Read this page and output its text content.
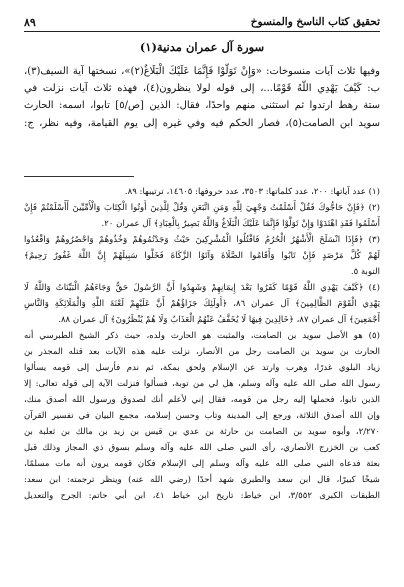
تحقيق كتاب الناسخ والمنسوخ
٨٩
سورة آل عمران مدنية(١)
وفيها ثلاث آيات منسوخات: «وَإِنْ تَوَلَّوْا فَإِنَّمَا عَلَيْكَ الْبَلَاغُ(٢)»، نسختها آية السيف(٣)،
ب: كَيْفَ يَهْدِي اللَّهُ قَوْمًا...، إلى قوله لولا ينظرون(٤)، فهذه ثلاث آيات نزلت في
ستة رهط ارتدوا ثم استثنى منهم واحدًا، فقال: الذين [ص/٥] تابوا، اسمه: الحارث
سويد ابن الصامت(٥)، فصار الحكم فيه وفي غيره إلى يوم القيامة، وفيه نظر، ج:
(١) عدد آياتها: ٢٠٠، عدد كلماتها: ٣٥٠٣، عدد حروفها: ١٤٦٠٥، ترتيبها: ٨٩.
(٢) ﴿فَإِنْ حَاجُّوكَ فَقُلْ أَسْلَمْتُ وَجْهِيَ لِلَّهِ وَمَنِ اتَّبَعَنِ وَقُلْ لِلَّذِينَ أُوتُوا الْكِتَابَ وَالْأُمِّيِّينَ أَأَسْلَمْتُمْ فَإِنْ
أَسْلَمُوا فَقَدِ اهْتَدَوْا وَإِنْ تَوَلَّوْا فَإِنَّمَا عَلَيْكَ الْبَلَاغُ وَاللَّهُ بَصِيرٌ بِالْعِبَادِ﴾ آل عمران ٢٠.
(٣) ﴿فَإِذَا انْسَلَخَ الْأَشْهُرُ الْحُرُمُ فَاقْتُلُوا الْمُشْرِكِينَ حَيْثُ وَجَدْتُمُوهُمْ وَخُذُوهُمْ وَاحْصُرُوهُمْ وَاقْعُدُوا
لَهُمْ كُلَّ مَرْصَدٍ فَإِنْ تَابُوا وَأَقَامُوا الصَّلَاةَ وَآتَوُا الزَّكَاةَ فَخَلُّوا سَبِيلَهُمْ إِنَّ اللَّهَ غَفُورٌ رَحِيمٌ﴾
التوبة ٥.
(٤) ﴿كَيْفَ يَهْدِي اللَّهُ قَوْمًا كَفَرُوا بَعْدَ إِيمَانِهِمْ وَشَهِدُوا أَنَّ الرَّسُولَ حَقٌّ وَجَاءَهُمُ الْبَيِّنَاتُ وَاللَّهُ لَا
يَهْدِي الْقَوْمَ الظَّالِمِينَ﴾ آل عمران ٨٦، ﴿أُولَئِكَ جَزَاؤُهُمْ أَنَّ عَلَيْهِمْ لَعْنَةَ اللَّهِ وَالْمَلَائِكَةِ وَالنَّاسِ
أَجْمَعِينَ﴾ آل عمران ٨٧، ﴿خَالِدِينَ فِيهَا لَا يُخَفَّفُ عَنْهُمُ الْعَذَابُ وَلَا هُمْ يُنْظَرُونَ﴾ آل عمران ٨٨.
(٥) هو الأصل سويد بن الصامت، والمثبت هو الحارث ولده، حيث ذكر الشيخ الطبرسي أنه
الحارث بن سويد بن الصامت رجل من الأنصار، نزلت عليه هذه الآيات بعد قتله المجذر بن
زياد البلوي غدرًا، وهرب وارتد عن الإسلام ولحق بمكة، ثم ندم فأرسل إلى قومه يسألوا
رسول الله صلى الله عليه وآله وسلم، هل لي من توبة، فسألوا فنزلت الآية إلى قوله تعالى: إلا
الذين تابوا، فحملها إليه رجل من قومه، فقال إني لأعلم أنك لصدوق ورسول الله أصدق منك،
وإن الله أصدق الثلاثة، ورجع إلى المدينة وتاب وحسن إسلامه، مجمع البيان في تفسير القرآن
٢/٢٧٠، وأبوه سويد بن الصامت بن حارثة بن عدي بن قيس بن زيد بن مالك بن ثعلبة بن
كعب بن الخزرج الأنصاري، رأى النبي صلى الله عليه وآله وسلم بسوق ذي المجاز وذلك قبل
بعثة فدعاه النبي صلى الله عليه وآله وسلم إلى الإسلام فكان قومه يرون أنه مات مسلمًا،
شيخًا كبيرًا، قال ابن سعد والطبري شهد أحدًا (رضي الله عنه) وينظر ترجمته: ابن سعد:
الطبقات الكبرى ٣/٥٥٢، ابن خياط: تاريخ ابن خياط ٤١، ابن أبي حاتم: الجرح والتعديل
